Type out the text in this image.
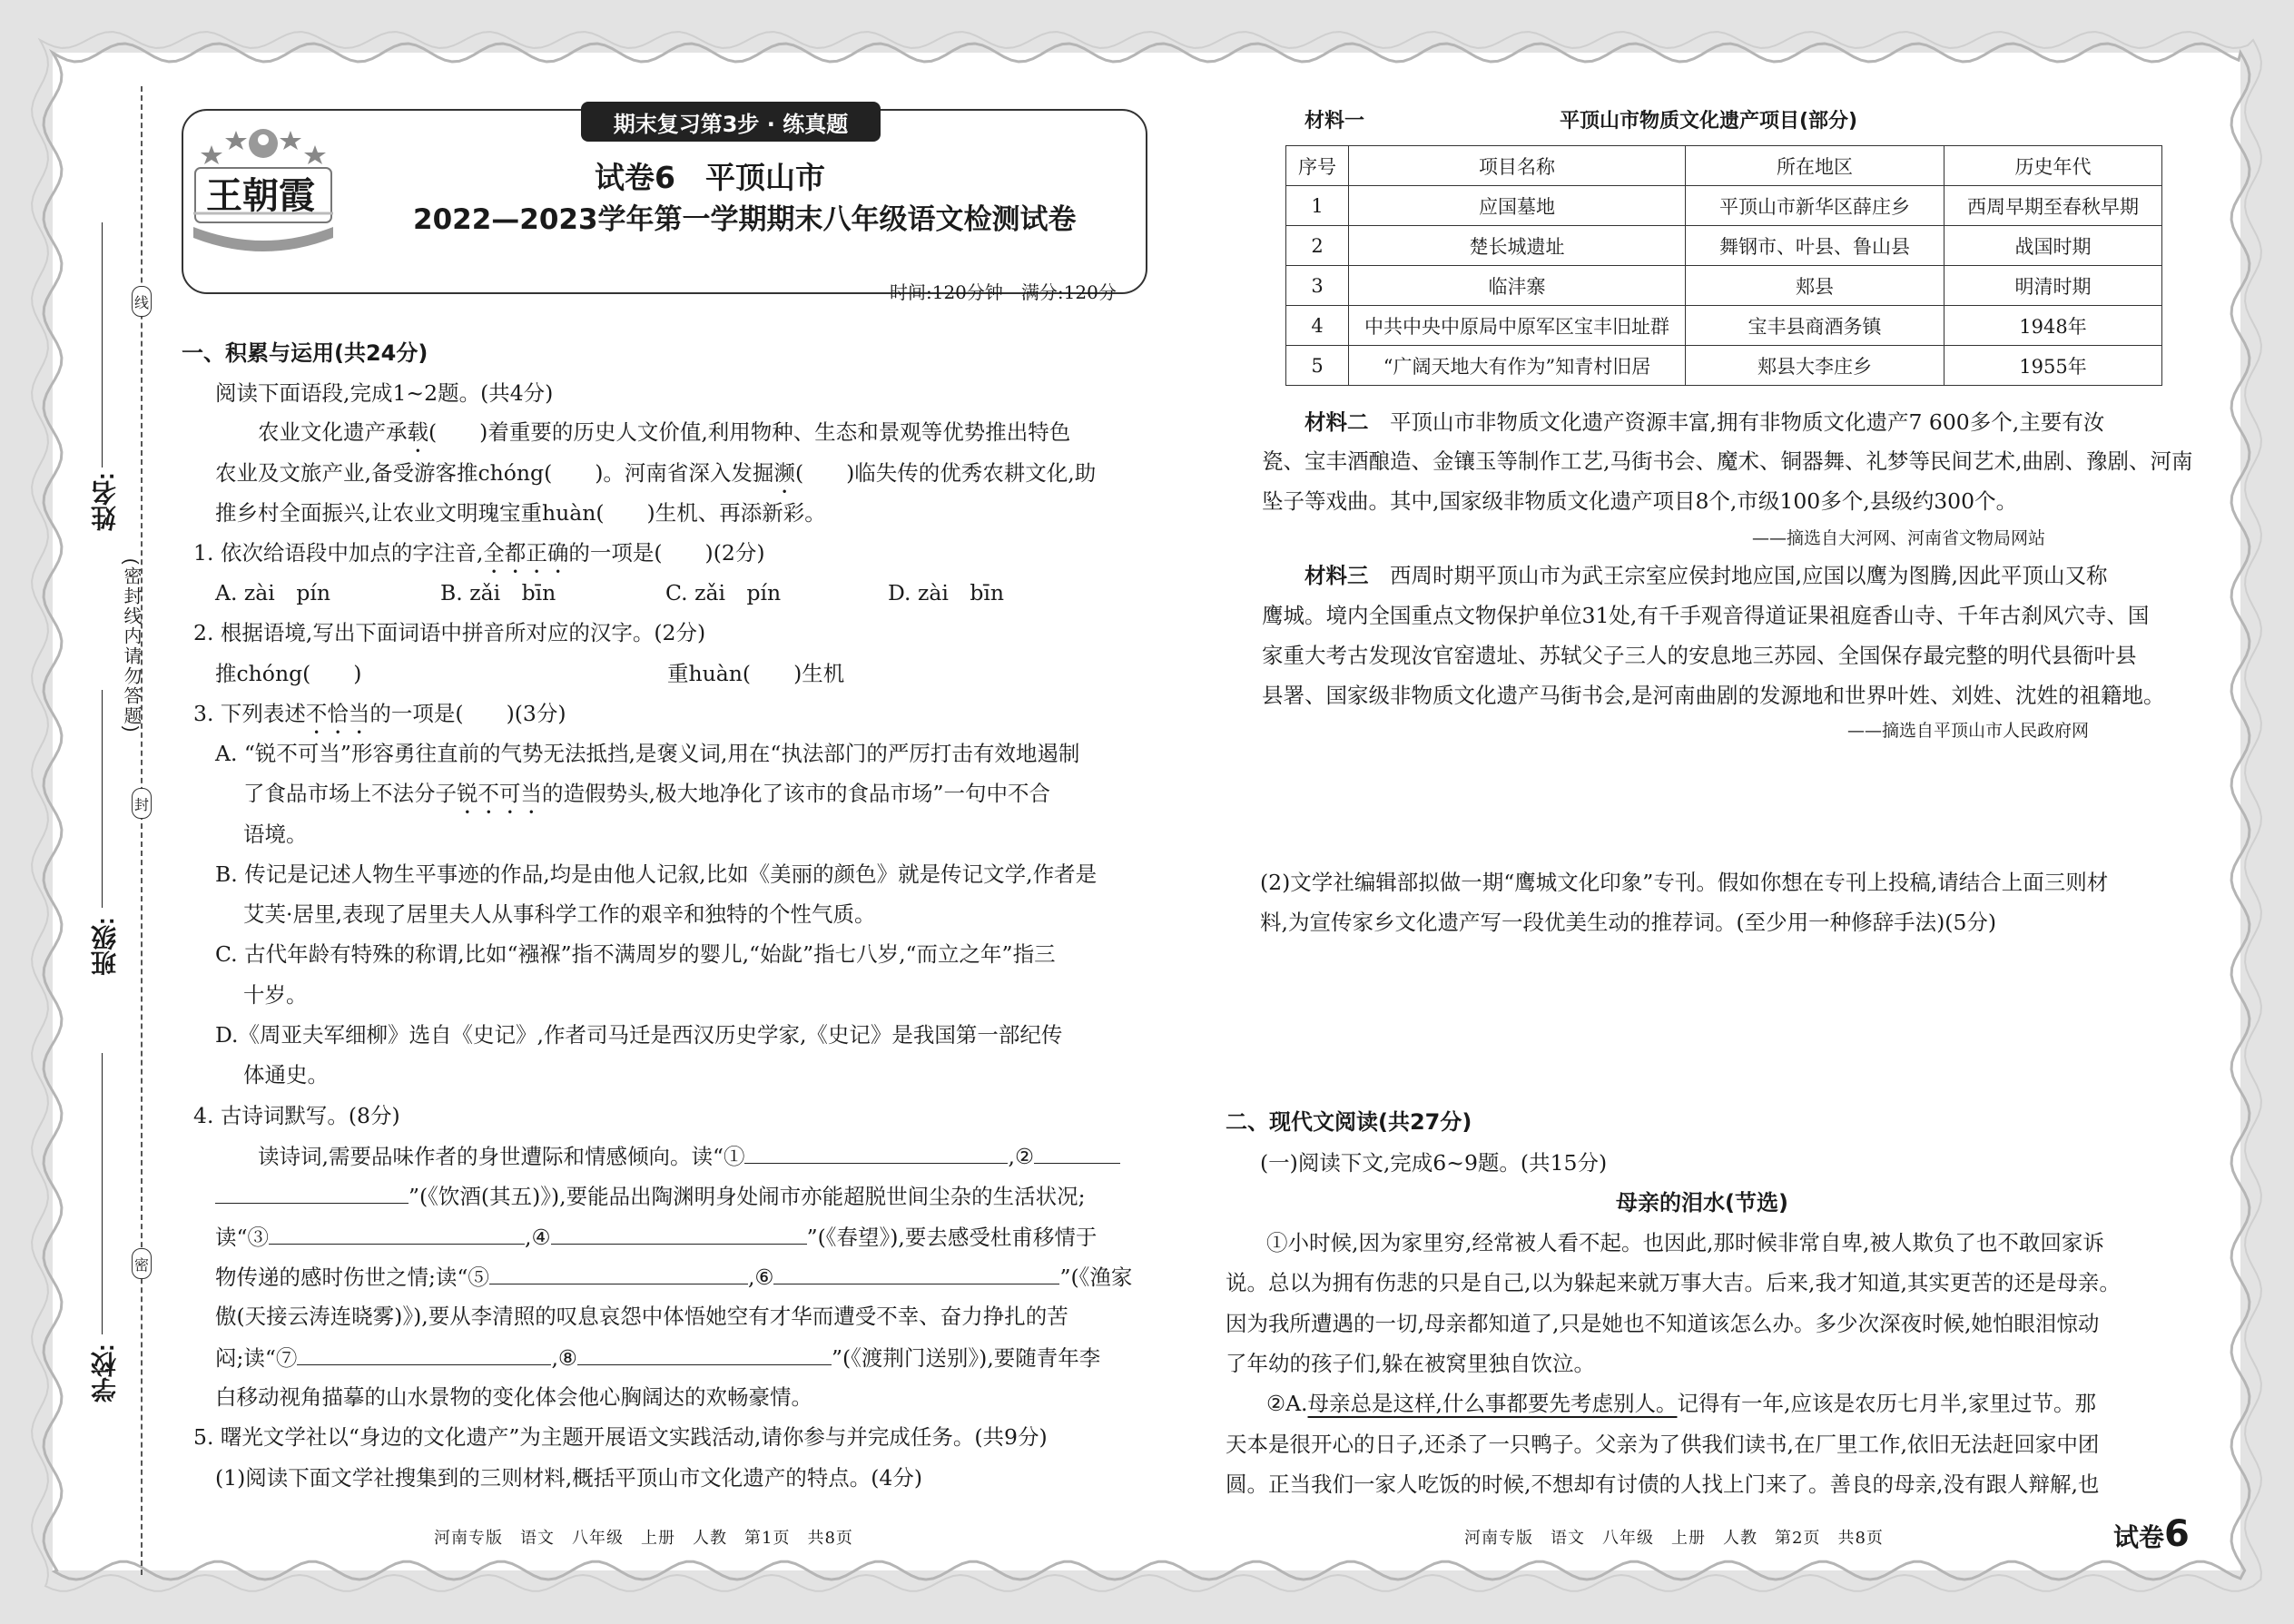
线
封
密
(密封线内请勿答题)
姓名:
班级:
学校:
期末复习第3步 · 练真题
王朝霞	试卷6　 平顶山市
2022—2023学年第一学期期末八年级语文检测试卷
时间:120分钟　满分:120分
一、积累与运用(共24分)
阅读下面语段,完成1~2题。(共4分)
农业文化遗产承载(　　)着重要的历史人文价值,利用物种、生态和景观等优势推出特色
农业及文旅产业,备受游客推chóng(　　)。河南省深入发掘濒(　　)临失传的优秀农耕文化,助
推乡村全面振兴,让农业文明瑰宝重huàn(　　)生机、再添新彩。
1. 依次给语段中加点的字注音,全都正确的一项是(　　)(2分)
A. zài　pín	B. zǎi　bīn	C. zǎi　pín	D. zài　bīn
2. 根据语境,写出下面词语中拼音所对应的汉字。(2分)
推chóng(　　)	重huàn(　　)生机
3. 下列表述不恰当的一项是(　　)(3分)
A. “锐不可当”形容勇往直前的气势无法抵挡,是褒义词,用在“执法部门的严厉打击有效地遏制
了食品市场上不法分子锐不可当的造假势头,极大地净化了该市的食品市场”一句中不合
语境。
B. 传记是记述人物生平事迹的作品,均是由他人记叙,比如《美丽的颜色》就是传记文学,作者是
艾芙·居里,表现了居里夫人从事科学工作的艰辛和独特的个性气质。
C. 古代年龄有特殊的称谓,比如“襁褓”指不满周岁的婴儿,“始龀”指七八岁,“而立之年”指三
十岁。
D.《周亚夫军细柳》选自《史记》,作者司马迁是西汉历史学家,《史记》是我国第一部纪传
体通史。
4. 古诗词默写。(8分)
读诗词,需要品味作者的身世遭际和情感倾向。读“①	,②
”(《饮酒(其五)》),要能品出陶渊明身处闹市亦能超脱世间尘杂的生活状况;
读“③	,④	”(《春望》),要去感受杜甫移情于
物传递的感时伤世之情;读“⑤	,⑥	”(《渔家
傲(天接云涛连晓雾)》),要从李清照的叹息哀怨中体悟她空有才华而遭受不幸、奋力挣扎的苦
闷;读“⑦	,⑧	”(《渡荆门送别》),要随青年李
白移动视角描摹的山水景物的变化体会他心胸阔达的欢畅豪情。
5. 曙光文学社以“身边的文化遗产”为主题开展语文实践活动,请你参与并完成任务。(共9分)
(1)阅读下面文学社搜集到的三则材料,概括平顶山市文化遗产的特点。(4分)
河南专版　语文　八年级　上册　人教　第1页　共8页
材料一	平顶山市物质文化遗产项目(部分)
序号	项目名称	所在地区	历史年代
1	应国墓地	平顶山市新华区薛庄乡	西周早期至春秋早期
2	楚长城遗址	舞钢市、叶县、鲁山县	战国时期
3	临沣寨	郏县	明清时期
4	中共中央中原局中原军区宝丰旧址群	宝丰县商酒务镇	1948年
5	“广阔天地大有作为”知青村旧居	郏县大李庄乡	1955年
材料二　 平顶山市非物质文化遗产资源丰富,拥有非物质文化遗产7 600多个,主要有汝
瓷、宝丰酒酿造、金镶玉等制作工艺,马街书会、魔术、铜器舞、礼梦等民间艺术,曲剧、豫剧、河南
坠子等戏曲。其中,国家级非物质文化遗产项目8个,市级100多个,县级约300个。
——摘选自大河网、河南省文物局网站
材料三　 西周时期平顶山市为武王宗室应侯封地应国,应国以鹰为图腾,因此平顶山又称
鹰城。境内全国重点文物保护单位31处,有千手观音得道证果祖庭香山寺、千年古刹风穴寺、国
家重大考古发现汝官窑遗址、苏轼父子三人的安息地三苏园、全国保存最完整的明代县衙叶县
县署、国家级非物质文化遗产马街书会,是河南曲剧的发源地和世界叶姓、刘姓、沈姓的祖籍地。
——摘选自平顶山市人民政府网
(2)文学社编辑部拟做一期“鹰城文化印象”专刊。假如你想在专刊上投稿,请结合上面三则材
料,为宣传家乡文化遗产写一段优美生动的推荐词。(至少用一种修辞手法)(5分)
二、现代文阅读(共27分)
(一)阅读下文,完成6~9题。(共15分)
母亲的泪水(节选)
①小时候,因为家里穷,经常被人看不起。也因此,那时候非常自卑,被人欺负了也不敢回家诉
说。总以为拥有伤悲的只是自己,以为躲起来就万事大吉。后来,我才知道,其实更苦的还是母亲。
因为我所遭遇的一切,母亲都知道了,只是她也不知道该怎么办。多少次深夜时候,她怕眼泪惊动
了年幼的孩子们,躲在被窝里独自饮泣。
②A.母亲总是这样,什么事都要先考虑别人。记得有一年,应该是农历七月半,家里过节。那
天本是很开心的日子,还杀了一只鸭子。父亲为了供我们读书,在厂里工作,依旧无法赶回家中团
圆。正当我们一家人吃饭的时候,不想却有讨债的人找上门来了。善良的母亲,没有跟人辩解,也
河南专版　语文　八年级　上册　人教　第2页　共8页	试卷6
